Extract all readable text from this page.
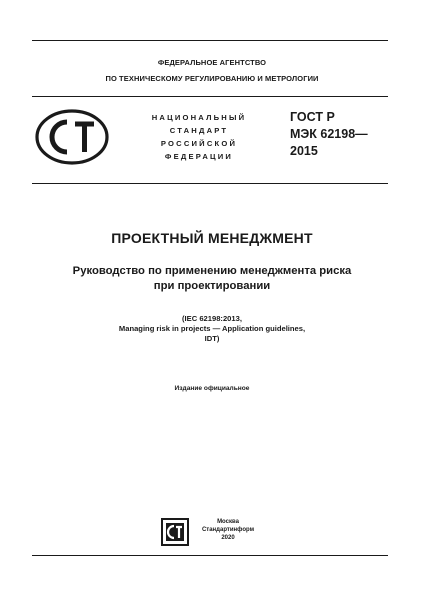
ФЕДЕРАЛЬНОЕ АГЕНТСТВО
ПО ТЕХНИЧЕСКОМУ РЕГУЛИРОВАНИЮ И МЕТРОЛОГИИ
НАЦИОНАЛЬНЫЙ
СТАНДАРТ
РОССИЙСКОЙ
ФЕДЕРАЦИИ
ГОСТ Р
МЭК 62198—
2015
ПРОЕКТНЫЙ МЕНЕДЖМЕНТ
Руководство по применению менеджмента риска
при проектировании
(IEC 62198:2013,
Managing risk in projects — Application guidelines,
IDT)
Издание официальное
Москва
Стандартинформ
2020
